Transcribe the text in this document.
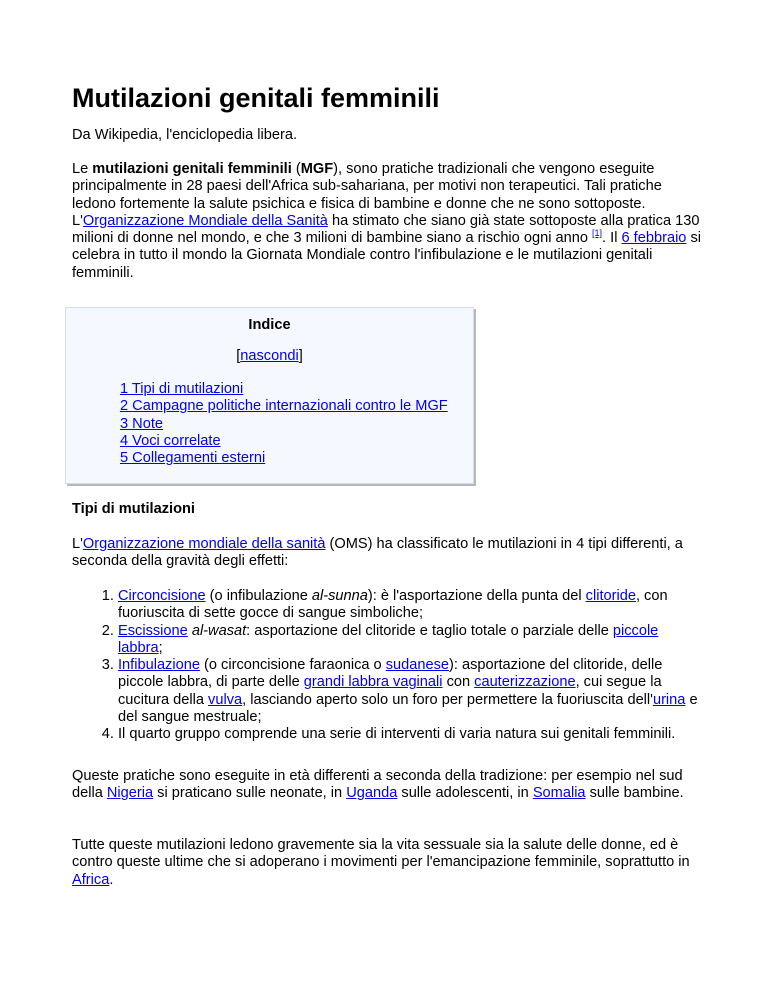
Mutilazioni genitali femminili

Da Wikipedia, l'enciclopedia libera.

Le mutilazioni genitali femminili (MGF), sono pratiche tradizionali che vengono eseguite principalmente in 28 paesi dell'Africa sub-sahariana, per motivi non terapeutici. Tali pratiche ledono fortemente la salute psichica e fisica di bambine e donne che ne sono sottoposte.

L'Organizzazione Mondiale della Sanità ha stimato che siano già state sottoposte alla pratica 130 milioni di donne nel mondo, e che 3 milioni di bambine siano a rischio ogni anno [1]. Il 6 febbraio si celebra in tutto il mondo la Giornata Mondiale contro l'infibulazione e le mutilazioni genitali femminili.

Indice
[nascondi]
1 Tipi di mutilazioni
2 Campagne politiche internazionali contro le MGF
3 Note
4 Voci correlate
5 Collegamenti esterni
Tipi di mutilazioni

L'Organizzazione mondiale della sanità (OMS) ha classificato le mutilazioni in 4 tipi differenti, a seconda della gravità degli effetti:

1. Circoncisione (o infibulazione al-sunna): è l'asportazione della punta del clitoride, con fuoriuscita di sette gocce di sangue simboliche;
2. Escissione al-wasat: asportazione del clitoride e taglio totale o parziale delle piccole labbra;
3. Infibulazione (o circoncisione faraonica o sudanese): asportazione del clitoride, delle piccole labbra, di parte delle grandi labbra vaginali con cauterizzazione, cui segue la cucitura della vulva, lasciando aperto solo un foro per permettere la fuoriuscita dell'urina e del sangue mestruale;
4. Il quarto gruppo comprende una serie di interventi di varia natura sui genitali femminili.

Queste pratiche sono eseguite in età differenti a seconda della tradizione: per esempio nel sud della Nigeria si praticano sulle neonate, in Uganda sulle adolescenti, in Somalia sulle bambine.

Tutte queste mutilazioni ledono gravemente sia la vita sessuale sia la salute delle donne, ed è contro queste ultime che si adoperano i movimenti per l'emancipazione femminile, soprattutto in Africa.
